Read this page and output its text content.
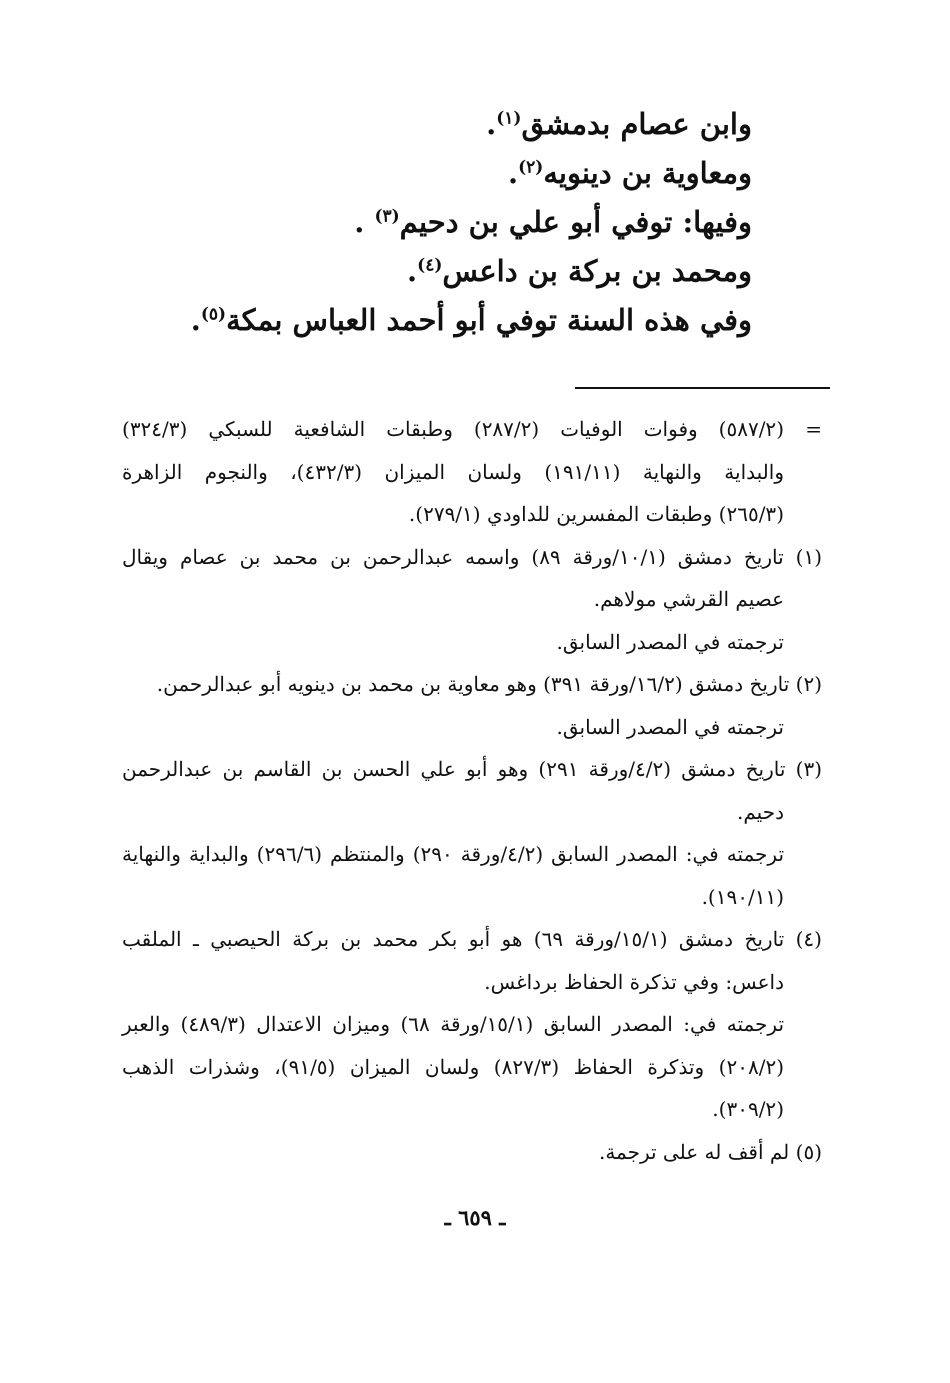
وابن عصام بدمشق$^{(١)}$.
ومعاوية بن دينويه$^{(٢)}$.
وفيها: توفي أبو علي بن دحيم$^{(٣)}$ .
ومحمد بن بركة بن داعس$^{(٤)}$.
وفي هذه السنة توفي أبو أحمد العباس بمكة$^{(٥)}$.
=
(٥٨٧/٢) وفوات الوفيات (٢٨٧/٢) وطبقات الشافعية للسبكي (٣٢٤/٣)
والبداية والنهاية (١٩١/١١) ولسان الميزان (٤٣٢/٣)، والنجوم الزاهرة
(٢٦٥/٣) وطبقات المفسرين للداودي (٢٧٩/١).
(١) تاريخ دمشق (١٠/١/ورقة ٨٩) واسمه عبدالرحمن بن محمد بن عصام ويقال
عصيم القرشي مولاهم.
ترجمته في المصدر السابق.
(٢) تاريخ دمشق (١٦/٢/ورقة ٣٩١) وهو معاوية بن محمد بن دينويه أبو عبدالرحمن.
ترجمته في المصدر السابق.
(٣) تاريخ دمشق (٤/٢/ورقة ٢٩١) وهو أبو علي الحسن بن القاسم بن عبدالرحمن
دحيم.
ترجمته في: المصدر السابق (٤/٢/ورقة ٢٩٠) والمنتظم (٢٩٦/٦) والبداية والنهاية
(١٩٠/١١).
(٤) تاريخ دمشق (١٥/١/ورقة ٦٩) هو أبو بكر محمد بن بركة الحيصبي ـ الملقب
داعس: وفي تذكرة الحفاظ برداغس.
ترجمته في: المصدر السابق (١٥/١/ورقة ٦٨) وميزان الاعتدال (٤٨٩/٣) والعبر
(٢٠٨/٢) وتذكرة الحفاظ (٨٢٧/٣) ولسان الميزان (٩١/٥)، وشذرات الذهب
(٣٠٩/٢).
(٥) لم أقف له على ترجمة.
ـ ٦٥٩ ـ
